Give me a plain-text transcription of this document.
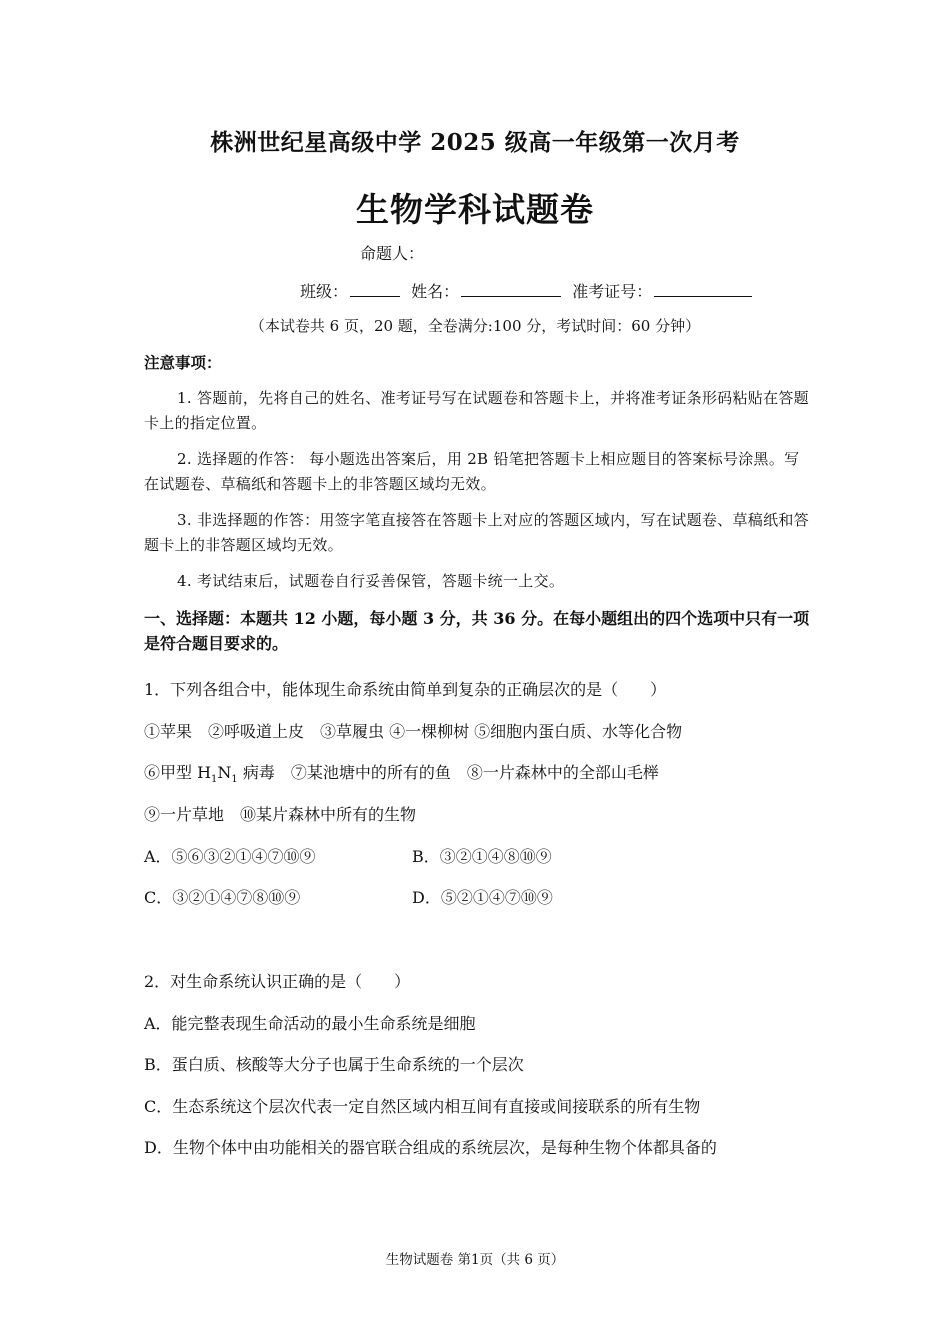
株洲世纪星高级中学 2025 级高一年级第一次月考
生物学科试题卷
命题人：
班级：	姓名：	准考证号：
（本试卷共 6 页，20 题，全卷满分:100 分，考试时间：60 分钟）
注意事项：
1. 答题前，先将自己的姓名、准考证号写在试题卷和答题卡上，并将准考证条形码粘贴在答题卡上的指定位置。
2. 选择题的作答： 每小题选出答案后，用 2B 铅笔把答题卡上相应题目的答案标号涂黑。写在试题卷、草稿纸和答题卡上的非答题区域均无效。
3. 非选择题的作答：用签字笔直接答在答题卡上对应的答题区域内，写在试题卷、草稿纸和答题卡上的非答题区域均无效。
4. 考试结束后，试题卷自行妥善保管，答题卡统一上交。
一、选择题：本题共 12 小题，每小题 3 分，共 36 分。在每小题组出的四个选项中只有一项是符合题目要求的。
1．下列各组合中，能体现生命系统由简单到复杂的正确层次的是（　　）
①苹果　②呼吸道上皮　③草履虫 ④一棵柳树 ⑤细胞内蛋白质、水等化合物
⑥甲型 $H_1N_1$ 病毒　⑦某池塘中的所有的鱼　⑧一片森林中的全部山毛榉
⑨一片草地　⑩某片森林中所有的生物
A．⑤⑥③②①④⑦⑩⑨	B．③②①④⑧⑩⑨
C．③②①④⑦⑧⑩⑨	D．⑤②①④⑦⑩⑨
2．对生命系统认识正确的是（　　）
A．能完整表现生命活动的最小生命系统是细胞
B．蛋白质、核酸等大分子也属于生命系统的一个层次
C．生态系统这个层次代表一定自然区域内相互间有直接或间接联系的所有生物
D．生物个体中由功能相关的器官联合组成的系统层次，是每种生物个体都具备的
生物试题卷 第1页（共 6 页）
